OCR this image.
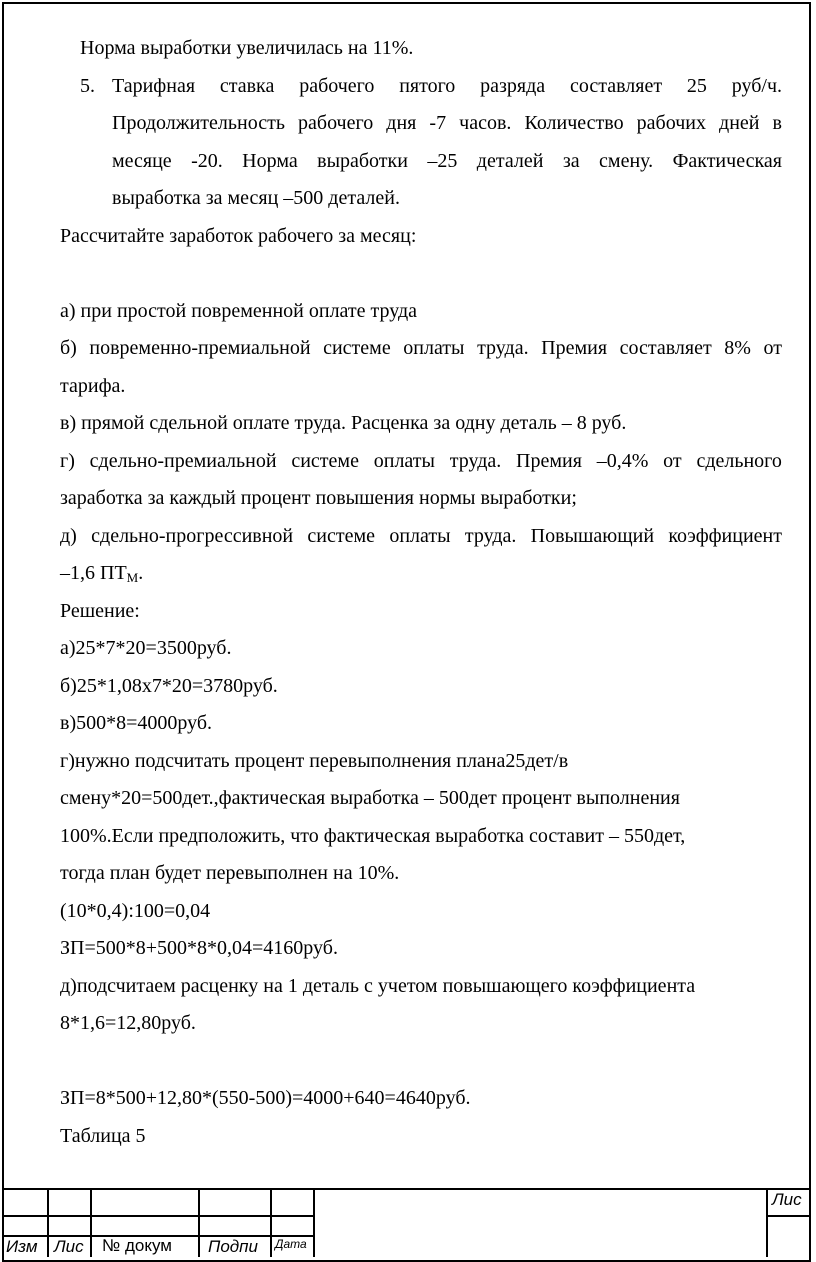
Норма выработки увеличилась на 11%.
5. Тарифная ставка рабочего пятого разряда составляет 25 руб/ч.
Продолжительность рабочего дня -7 часов. Количество рабочих дней в
месяце -20. Норма выработки –25 деталей за смену. Фактическая
выработка за месяц –500 деталей.
Рассчитайте заработок рабочего за месяц:
а) при простой повременной оплате труда
б) повременно-премиальной системе оплаты труда. Премия составляет 8% от
тарифа.
в) прямой сдельной оплате труда. Расценка за одну деталь – 8 руб.
г) сдельно-премиальной системе оплаты труда. Премия –0,4% от сдельного
заработка за каждый процент повышения нормы выработки;
д) сдельно-прогрессивной системе оплаты труда. Повышающий коэффициент
–1,6 $ПТ_М$.
Решение:
а)25*7*20=3500руб.
б)25*1,08х7*20=3780руб.
в)500*8=4000руб.
г)нужно подсчитать процент перевыполнения плана25дет/в
смену*20=500дет.,фактическая выработка – 500дет процент выполнения
100%.Если предположить, что фактическая выработка составит – 550дет,
тогда план будет перевыполнен на 10%.
(10*0,4):100=0,04
ЗП=500*8+500*8*0,04=4160руб.
д)подсчитаем расценку на 1 деталь с учетом повышающего коэффициента
8*1,6=12,80руб.
ЗП=8*500+12,80*(550-500)=4000+640=4640руб.
Таблица 5
Лис
Изм Лис № докум Подпи Дата
